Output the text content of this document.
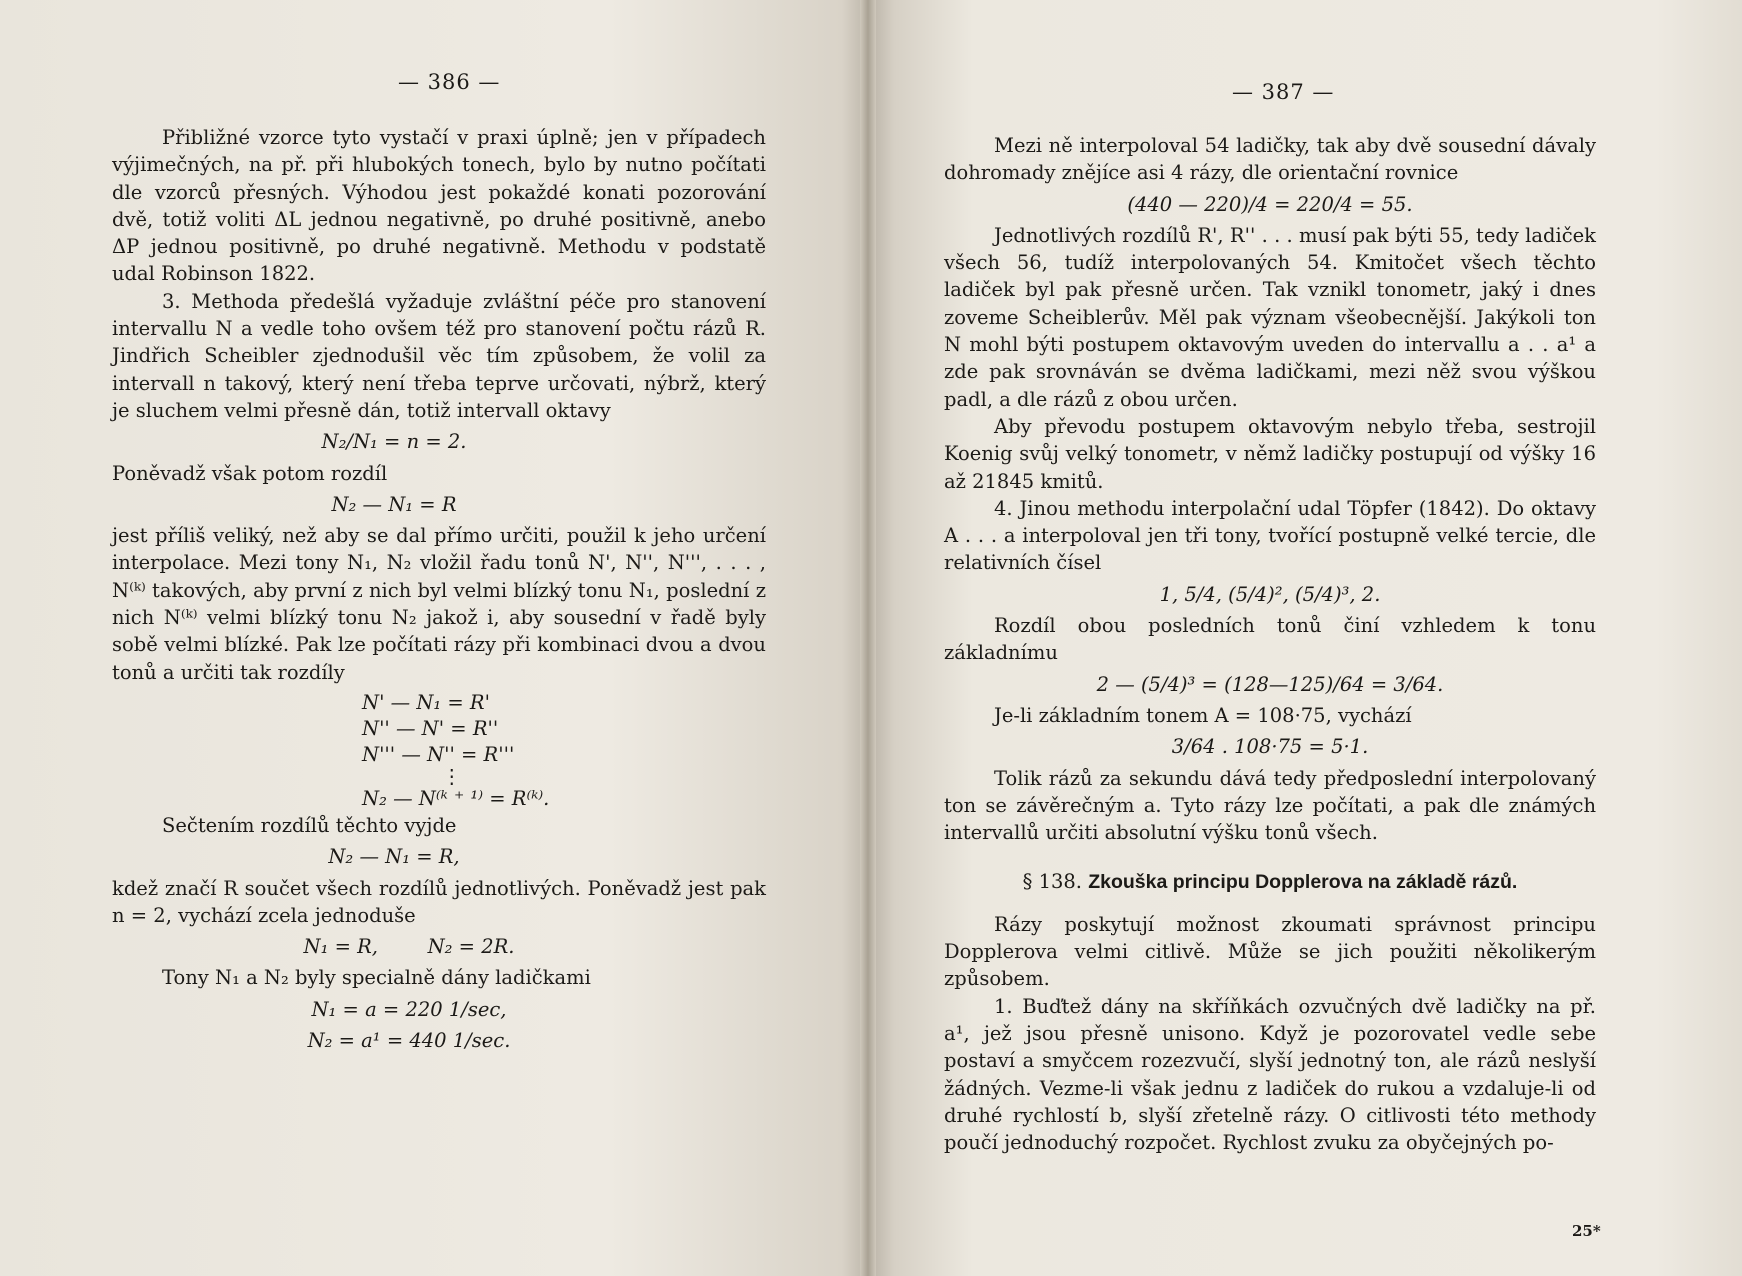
— 386 —

Přibližné vzorce tyto vystačí v praxi úplně; jen v případech výjimečných, na př. při hlubokých tonech, bylo by nutno počítati dle vzorců přesných. Výhodou jest pokaždé konati pozorování dvě, totiž voliti ΔL jednou negativně, po druhé positivně, anebo ΔP jednou positivně, po druhé negativně. Methodu v podstatě udal Robinson 1822.

3. Methoda předešlá vyžaduje zvláštní péče pro stanovení intervallu N a vedle toho ovšem též pro stanovení počtu rázů R. Jindřich Scheibler zjednodušil věc tím způsobem, že volil za intervall n takový, který není třeba teprve určovati, nýbrž, který je sluchem velmi přesně dán, totiž intervall oktavy

N₂/N₁ = n = 2.

Poněvadž však potom rozdíl

N₂ — N₁ = R

jest příliš veliký, než aby se dal přímo určiti, použil k jeho určení interpolace. Mezi tony N₁, N₂ vložil řadu tonů N', N'', N''', . . . , N⁽ᵏ⁾ takových, aby první z nich byl velmi blízký tonu N₁, poslední z nich N⁽ᵏ⁾ velmi blízký tonu N₂ jakož i, aby sousední v řadě byly sobě velmi blízké. Pak lze počítati rázy při kombinaci dvou a dvou tonů a určiti tak rozdíly

N' — N₁ = R'
N'' — N' = R''
N''' — N'' = R'''
⋮
N₂ — N⁽ᵏ ⁺ ¹⁾ = R⁽ᵏ⁾.

Sečtením rozdílů těchto vyjde

N₂ — N₁ = R,

kdež značí R součet všech rozdílů jednotlivých. Poněvadž jest pak n = 2, vychází zcela jednoduše

N₁ = R,        N₂ = 2R.

Tony N₁ a N₂ byly specialně dány ladičkami

N₁ = a = 220 1/sec,
N₂ = a¹ = 440 1/sec.
— 387 —

Mezi ně interpoloval 54 ladičky, tak aby dvě sousední dávaly dohromady znějíce asi 4 rázy, dle orientační rovnice

(440 — 220)/4 = 220/4 = 55.

Jednotlivých rozdílů R', R'' . . . musí pak býti 55, tedy ladiček všech 56, tudíž interpolovaných 54. Kmitočet všech těchto ladiček byl pak přesně určen. Tak vznikl tonometr, jaký i dnes zoveme Scheiblerův. Měl pak význam všeobecnější. Jakýkoli ton N mohl býti postupem oktavovým uveden do intervallu a . . a¹ a zde pak srovnáván se dvěma ladičkami, mezi něž svou výškou padl, a dle rázů z obou určen.

Aby převodu postupem oktavovým nebylo třeba, sestrojil Koenig svůj velký tonometr, v němž ladičky postupují od výšky 16 až 21845 kmitů.

4. Jinou methodu interpolační udal Töpfer (1842). Do oktavy A . . . a interpoloval jen tři tony, tvořící postupně velké tercie, dle relativních čísel

1, 5/4, (5/4)², (5/4)³, 2.

Rozdíl obou posledních tonů činí vzhledem k tonu základnímu

2 — (5/4)³ = (128—125)/64 = 3/64.

Je-li základním tonem A = 108·75, vychází

3/64 . 108·75 = 5·1.

Tolik rázů za sekundu dává tedy předposlední interpolovaný ton se závěrečným a. Tyto rázy lze počítati, a pak dle známých intervallů určiti absolutní výšku tonů všech.

§ 138. Zkouška principu Dopplerova na základě rázů.

Rázy poskytují možnost zkoumati správnost principu Dopplerova velmi citlivě. Může se jich použiti několikerým způsobem.

1. Buďtež dány na skříňkách ozvučných dvě ladičky na př. a¹, jež jsou přesně unisono. Když je pozorovatel vedle sebe postaví a smyčcem rozezvučí, slyší jednotný ton, ale rázů neslyší žádných. Vezme-li však jednu z ladiček do rukou a vzdaluje-li od druhé rychlostí b, slyší zřetelně rázy. O citlivosti této methody poučí jednoduchý rozpočet. Rychlost zvuku za obyčejných po-

25*
